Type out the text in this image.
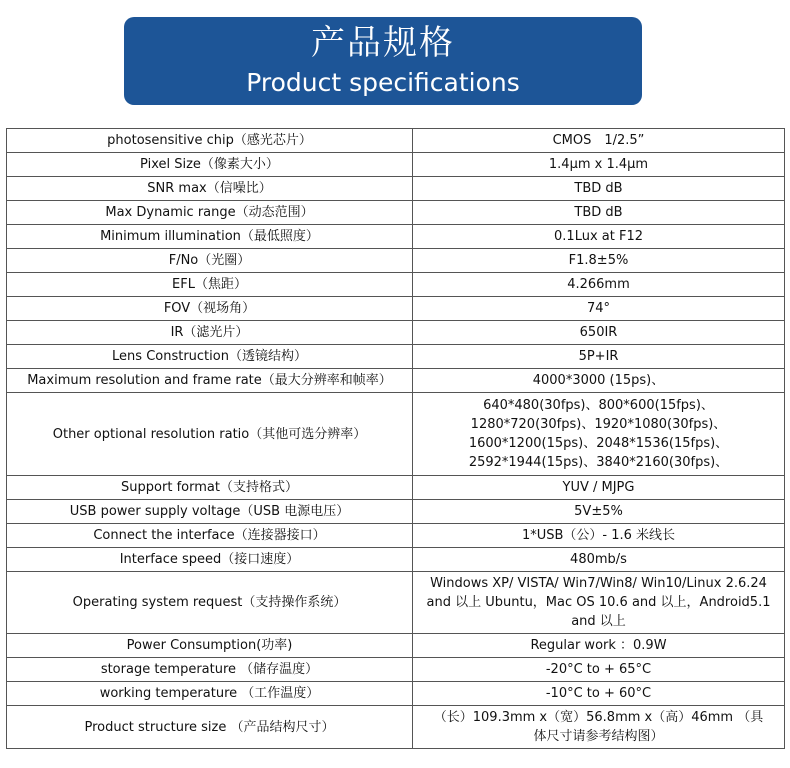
产品规格
Product specifications
photosensitive chip（感光芯片）	CMOS　1/2.5”

Pixel Size（像素大小）	1.4μm x 1.4μm

SNR max（信噪比）	TBD dB

Max Dynamic range（动态范围）	TBD dB

Minimum illumination（最低照度）	0.1Lux at F12

F/No（光圈）	F1.8±5%

EFL（焦距）	4.266mm

FOV（视场角）	74°

IR（滤光片）	650IR

Lens Construction（透镜结构）	5P+IR

Maximum resolution and frame rate（最大分辨率和帧率）	4000*3000 (15ps)、

Other optional resolution ratio（其他可选分辨率）	640*480(30fps)、800*600(15fps)、
1280*720(30fps)、1920*1080(30fps)、
1600*1200(15ps)、2048*1536(15fps)、
2592*1944(15ps)、3840*2160(30fps)、

Support format（支持格式）	YUV / MJPG

USB power supply voltage（USB 电源电压）	5V±5%

Connect the interface（连接器接口）	1*USB（公）- 1.6 米线长

Interface speed（接口速度）	480mb/s

Operating system request（支持操作系统）	Windows XP/ VISTA/ Win7/Win8/ Win10/Linux 2.6.24
and 以上 Ubuntu，Mac OS 10.6 and 以上，Android5.1
and 以上

Power Consumption(功率)	Regular work ：0.9W

storage temperature （储存温度）	-20°C to + 65°C

working temperature （工作温度）	-10°C to + 60°C

Product structure size （产品结构尺寸）	（长）109.3mm x（宽）56.8mm x（高）46mm （具
体尺寸请参考结构图）
